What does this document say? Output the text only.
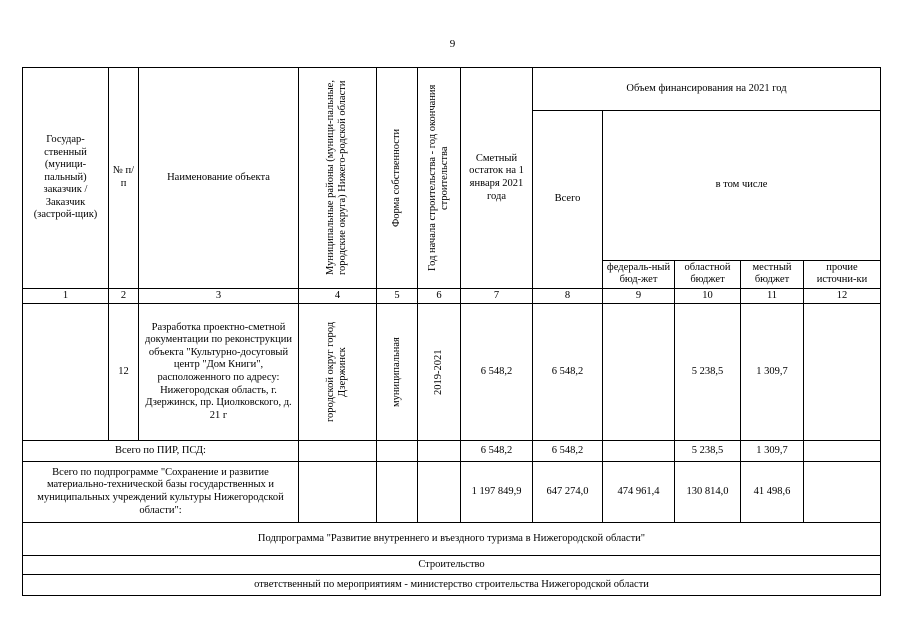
9
Государ-ственный (муници-пальный) заказчик / Заказчик (застрой-щик)	№ п/п	Наименование объекта	Муниципальные районы (муници-пальные, городские округа) Нижего-родской области	Форма собственности	Год начала строительства - год окончания строительства	Сметный остаток на 1 января 2021 года	Объем финансирования на 2021 год				
							Всего	в том числе			
								федераль-ный бюд-жет	областной бюджет	местный бюджет	прочие источни-ки
1	2	3	4	5	6	7	8	9	10	11	12
	12	Разработка проектно-сметной документации по реконструкции объекта "Культурно-досуговый центр "Дом Книги", расположенного по адресу: Нижегородская область, г. Дзержинск, пр. Циолковского, д. 21 г	городской округ город Дзержинск	муниципальная	2019-2021	6 548,2	6 548,2		5 238,5	1 309,7	
Всего по ПИР, ПСД:						6 548,2	6 548,2		5 238,5	1 309,7	
Всего по подпрограмме "Сохранение и развитие материально-технической базы государственных и муниципальных учреждений культуры Нижегородской области":						1 197 849,9	647 274,0	474 961,4	130 814,0	41 498,6	
Подпрограмма "Развитие внутреннего и въездного туризма в Нижегородской области"											
Строительство											
ответственный по мероприятиям - министерство строительства Нижегородской области											
